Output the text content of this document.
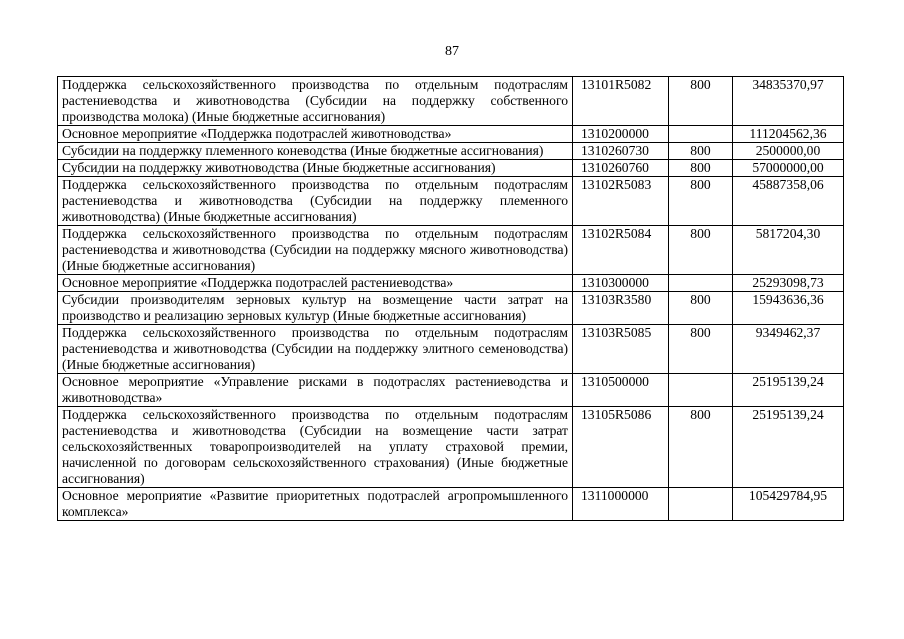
87
Поддержка сельскохозяйственного производства по отдельным подотраслям растениеводства и животноводства (Субсидии на поддержку собственного производства молока) (Иные бюджетные ассигнования)	13101R5082	800	34835370,97
Основное мероприятие «Поддержка подотраслей животноводства»	1310200000		111204562,36
Субсидии на поддержку племенного коневодства (Иные бюджетные ассигнования)	1310260730	800	2500000,00
Субсидии на поддержку животноводства (Иные бюджетные ассигнования)	1310260760	800	57000000,00
Поддержка сельскохозяйственного производства по отдельным подотраслям растениеводства и животноводства (Субсидии на поддержку племенного животноводства) (Иные бюджетные ассигнования)	13102R5083	800	45887358,06
Поддержка сельскохозяйственного производства по отдельным подотраслям растениеводства и животноводства (Субсидии на поддержку мясного животноводства) (Иные бюджетные ассигнования)	13102R5084	800	5817204,30
Основное мероприятие «Поддержка подотраслей растениеводства»	1310300000		25293098,73
Субсидии производителям зерновых культур на возмещение части затрат на производство и реализацию зерновых культур (Иные бюджетные ассигнования)	13103R3580	800	15943636,36
Поддержка сельскохозяйственного производства по отдельным подотраслям растениеводства и животноводства (Субсидии на поддержку элитного семеноводства) (Иные бюджетные ассигнования)	13103R5085	800	9349462,37
Основное мероприятие «Управление рисками в подотраслях растениеводства и животноводства»	1310500000		25195139,24
Поддержка сельскохозяйственного производства по отдельным подотраслям растениеводства и животноводства (Субсидии на возмещение части затрат сельскохозяйственных товаропроизводителей на уплату страховой премии, начисленной по договорам сельскохозяйственного страхования) (Иные бюджетные ассигнования)	13105R5086	800	25195139,24
Основное мероприятие «Развитие приоритетных подотраслей агропромышленного комплекса»	1311000000		105429784,95
